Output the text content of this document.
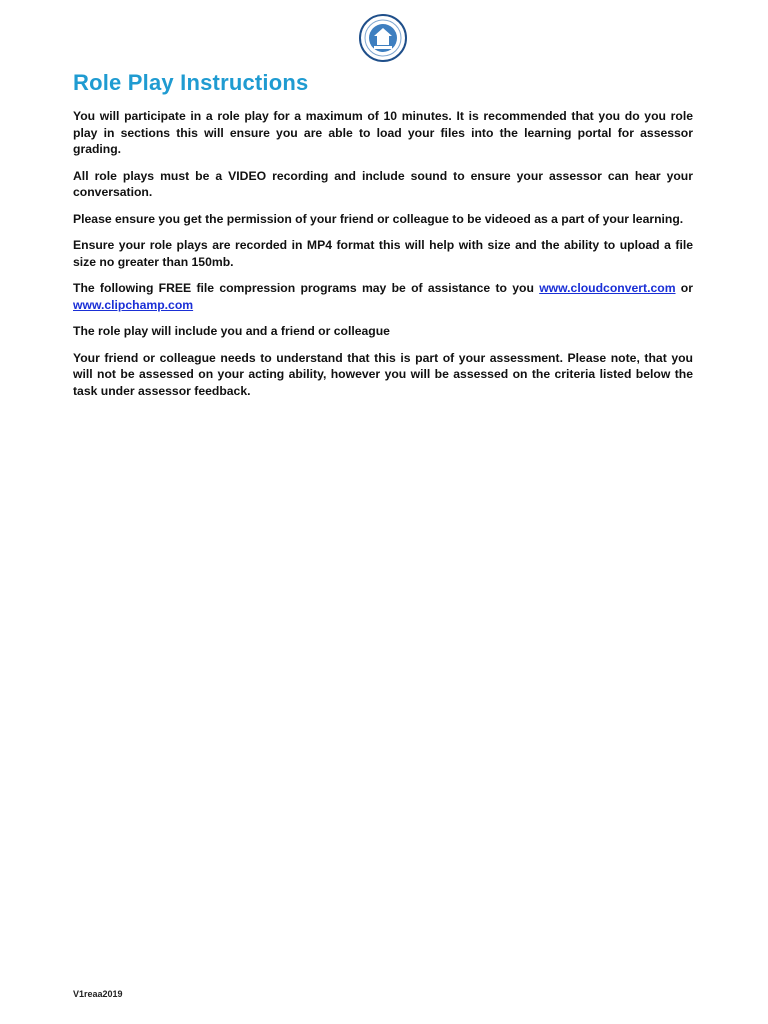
Role Play Instructions

You will participate in a role play for a maximum of 10 minutes. It is recommended that you do you role play in sections this will ensure you are able to load your files into the learning portal for assessor grading.

All role plays must be a VIDEO recording and include sound to ensure your assessor can hear your conversation.

Please ensure you get the permission of your friend or colleague to be videoed as a part of your learning.

Ensure your role plays are recorded in MP4 format this will help with size and the ability to upload a file size no greater than 150mb.

The following FREE file compression programs may be of assistance to you www.cloudconvert.com or www.clipchamp.com

The role play will include you and a friend or colleague

Your friend or colleague needs to understand that this is part of your assessment. Please note, that you will not be assessed on your acting ability, however you will be assessed on the criteria listed below the task under assessor feedback.

V1reaa2019
